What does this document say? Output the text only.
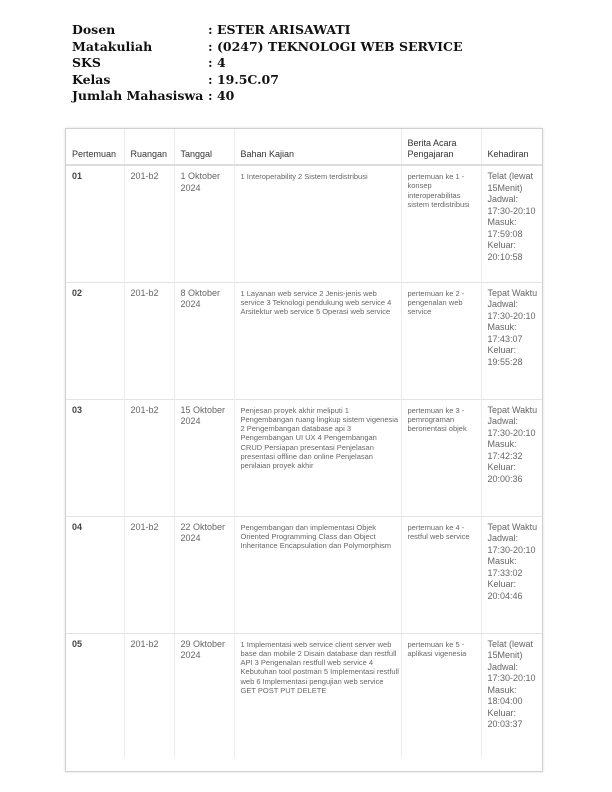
Dosen	: ESTER ARISAWATI
Matakuliah	: (0247) TEKNOLOGI WEB SERVICE
SKS	: 4
Kelas	: 19.5C.07
Jumlah Mahasiswa : 40
Pertemuan	Ruangan	Tanggal	Bahan Kajian	Berita Acara Pengajaran	Kehadiran
01	201-b2	1 Oktober 2024	1 Interoperability 2 Sistem terdistribusi	pertemuan ke 1 - konsep interoperabilitas sistem terdistribusi	Telat (lewat 15Menit) Jadwal: 17:30-20:10 Masuk: 17:59:08 Keluar: 20:10:58
02	201-b2	8 Oktober 2024	1 Layanan web service 2 Jenis-jenis web service 3 Teknologi pendukung web service 4 Arsitektur web service 5 Operasi web service	pertemuan ke 2 - pengenalan web service	Tepat Waktu Jadwal: 17:30-20:10 Masuk: 17:43:07 Keluar: 19:55:28
03	201-b2	15 Oktober 2024	Penjesan proyek akhir meliputi 1 Pengembangan ruang lingkup sistem vigenesia 2 Pengembangan database api 3 Pengembangan UI UX 4 Pengembangan CRUD Persiapan presentasi Penjelasan presentasi offline dan online Penjelasan penilaian proyek akhir	pertemuan ke 3 - pemrograman berorientasi objek	Tepat Waktu Jadwal: 17:30-20:10 Masuk: 17:42:32 Keluar: 20:00:36
04	201-b2	22 Oktober 2024	Pengembangan dan implementasi Objek Oriented Programming Class dan Object Inheritance Encapsulation dan Polymorphism	pertemuan ke 4 - restful web service	Tepat Waktu Jadwal: 17:30-20:10 Masuk: 17:33:02 Keluar: 20:04:46
05	201-b2	29 Oktober 2024	1 Implementasi web service client server web base dan mobile 2 Disain database dan restfull API 3 Pengenalan restfull web service 4 Kebutuhan tool postman 5 Implementasi restfull web 6 Implementasi pengujian web service GET POST PUT DELETE	pertemuan ke 5 - aplikasi vigenesia	Telat (lewat 15Menit) Jadwal: 17:30-20:10 Masuk: 18:04:00 Keluar: 20:03:37
